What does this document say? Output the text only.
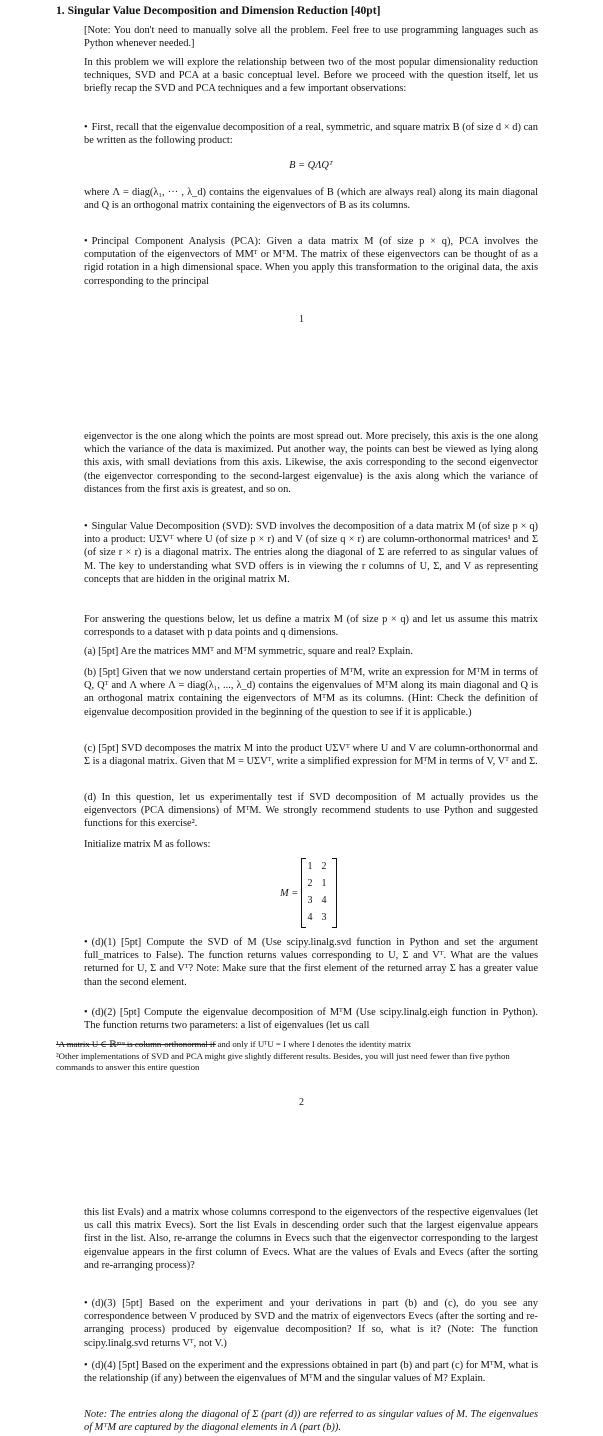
1. Singular Value Decomposition and Dimension Reduction [40pt]
[Note: You don't need to manually solve all the problem. Feel free to use programming languages such as Python whenever needed.]
In this problem we will explore the relationship between two of the most popular dimensionality reduction techniques, SVD and PCA at a basic conceptual level. Before we proceed with the question itself, let us briefly recap the SVD and PCA techniques and a few important observations:
• First, recall that the eigenvalue decomposition of a real, symmetric, and square matrix B (of size d × d) can be written as the following product:
B = QΛQᵀ
where Λ = diag(λ₁, ··· , λ_d) contains the eigenvalues of B (which are always real) along its main diagonal and Q is an orthogonal matrix containing the eigenvectors of B as its columns.
• Principal Component Analysis (PCA): Given a data matrix M (of size p × q), PCA involves the computation of the eigenvectors of MMᵀ or MᵀM. The matrix of these eigenvectors can be thought of as a rigid rotation in a high dimensional space. When you apply this transformation to the original data, the axis corresponding to the principal
1
eigenvector is the one along which the points are most spread out. More precisely, this axis is the one along which the variance of the data is maximized. Put another way, the points can best be viewed as lying along this axis, with small deviations from this axis. Likewise, the axis corresponding to the second eigenvector (the eigenvector corresponding to the second-largest eigenvalue) is the axis along which the variance of distances from the first axis is greatest, and so on.
• Singular Value Decomposition (SVD): SVD involves the decomposition of a data matrix M (of size p × q) into a product: UΣVᵀ where U (of size p × r) and V (of size q × r) are column-orthonormal matrices¹ and Σ (of size r × r) is a diagonal matrix. The entries along the diagonal of Σ are referred to as singular values of M. The key to understanding what SVD offers is in viewing the r columns of U, Σ, and V as representing concepts that are hidden in the original matrix M.
For answering the questions below, let us define a matrix M (of size p × q) and let us assume this matrix corresponds to a dataset with p data points and q dimensions.
(a) [5pt] Are the matrices MMᵀ and MᵀM symmetric, square and real? Explain.
(b) [5pt] Given that we now understand certain properties of MᵀM, write an expression for MᵀM in terms of Q, Qᵀ and Λ where Λ = diag(λ₁, ..., λ_d) contains the eigenvalues of MᵀM along its main diagonal and Q is an orthogonal matrix containing the eigenvectors of MᵀM as its columns. (Hint: Check the definition of eigenvalue decomposition provided in the beginning of the question to see if it is applicable.)
(c) [5pt] SVD decomposes the matrix M into the product UΣVᵀ where U and V are column-orthonormal and Σ is a diagonal matrix. Given that M = UΣVᵀ, write a simplified expression for MᵀM in terms of V, Vᵀ and Σ.
(d) In this question, let us experimentally test if SVD decomposition of M actually provides us the eigenvectors (PCA dimensions) of MᵀM. We strongly recommend students to use Python and suggested functions for this exercise².
Initialize matrix M as follows:
M =
1 2
2 1
3 4
4 3
• (d)(1) [5pt] Compute the SVD of M (Use scipy.linalg.svd function in Python and set the argument full_matrices to False). The function returns values corresponding to U, Σ and Vᵀ. What are the values returned for U, Σ and Vᵀ? Note: Make sure that the first element of the returned array Σ has a greater value than the second element.
• (d)(2) [5pt] Compute the eigenvalue decomposition of MᵀM (Use scipy.linalg.eigh function in Python). The function returns two parameters: a list of eigenvalues (let us call
¹A matrix U ∈ ℝᵖˣᵠ is column-orthonormal if and only if UᵀU = I where I denotes the identity matrix
²Other implementations of SVD and PCA might give slightly different results. Besides, you will just need fewer than five python commands to answer this entire question
2
this list Evals) and a matrix whose columns correspond to the eigenvectors of the respective eigenvalues (let us call this matrix Evecs). Sort the list Evals in descending order such that the largest eigenvalue appears first in the list. Also, re-arrange the columns in Evecs such that the eigenvector corresponding to the largest eigenvalue appears in the first column of Evecs. What are the values of Evals and Evecs (after the sorting and re-arranging process)?
• (d)(3) [5pt] Based on the experiment and your derivations in part (b) and (c), do you see any correspondence between V produced by SVD and the matrix of eigenvectors Evecs (after the sorting and re-arranging process) produced by eigenvalue decomposition? If so, what is it? (Note: The function scipy.linalg.svd returns Vᵀ, not V.)
• (d)(4) [5pt] Based on the experiment and the expressions obtained in part (b) and part (c) for MᵀM, what is the relationship (if any) between the eigenvalues of MᵀM and the singular values of M? Explain.
Note: The entries along the diagonal of Σ (part (d)) are referred to as singular values of M. The eigenvalues of MᵀM are captured by the diagonal elements in Λ (part (b)).
